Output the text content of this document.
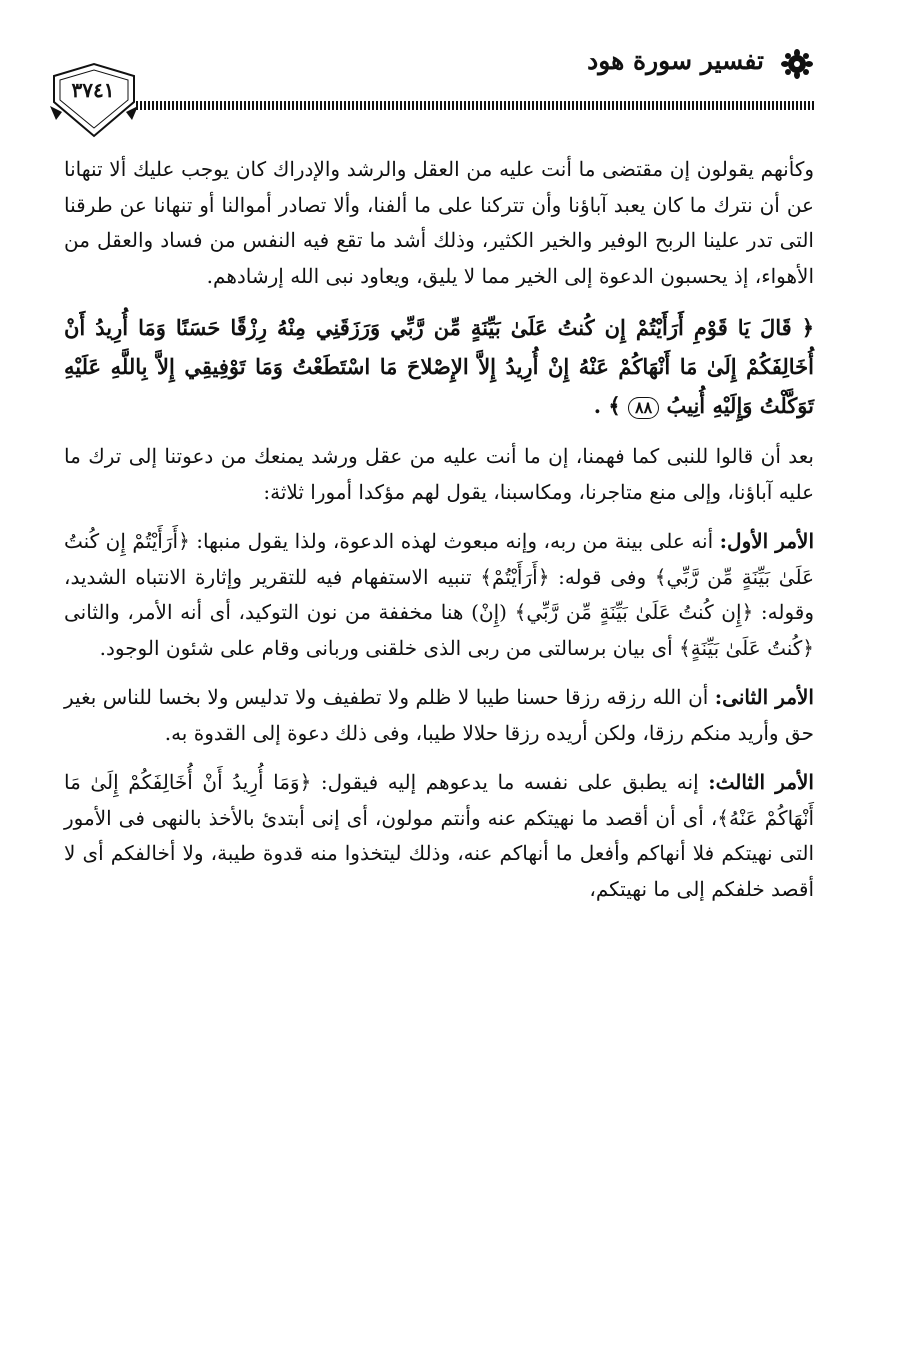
تفسير سورة هود
٣٧٤١

وكأنهم يقولون إن مقتضى ما أنت عليه من العقل والرشد والإدراك كان يوجب عليك ألا تنهانا عن أن نترك ما كان يعبد آباؤنا وأن تتركنا على ما ألفنا، وألا تصادر أموالنا أو تنهانا عن طرقنا التى تدر علينا الربح الوفير والخير الكثير، وذلك أشد ما تقع فيه النفس من فساد والعقل من الأهواء، إذ يحسبون الدعوة إلى الخير مما لا يليق، ويعاود نبى الله إرشادهم.

﴿ قَالَ يَا قَوْمِ أَرَأَيْتُمْ إِن كُنتُ عَلَىٰ بَيِّنَةٍ مِّن رَّبِّي وَرَزَقَنِي مِنْهُ رِزْقًا حَسَنًا وَمَا أُرِيدُ أَنْ أُخَالِفَكُمْ إِلَىٰ مَا أَنْهَاكُمْ عَنْهُ إِنْ أُرِيدُ إِلاَّ الإِصْلاحَ مَا اسْتَطَعْتُ وَمَا تَوْفِيقِي إِلاَّ بِاللَّهِ عَلَيْهِ تَوَكَّلْتُ وَإِلَيْهِ أُنِيبُ ٨٨ ﴾ .

بعد أن قالوا للنبى كما فهمنا، إن ما أنت عليه من عقل ورشد يمنعك من دعوتنا إلى ترك ما عليه آباؤنا، وإلى منع متاجرنا، ومكاسبنا، يقول لهم مؤكدا أمورا ثلاثة:

الأمر الأول: أنه على بينة من ربه، وإنه مبعوث لهذه الدعوة، ولذا يقول منبها: ﴿أَرَأَيْتُمْ إِن كُنتُ عَلَىٰ بَيِّنَةٍ مِّن رَّبِّي﴾ وفى قوله: ﴿أَرَأَيْتُمْ﴾ تنبيه الاستفهام فيه للتقرير وإثارة الانتباه الشديد، وقوله: ﴿إِن كُنتُ عَلَىٰ بَيِّنَةٍ مِّن رَّبِّي﴾ (إِنْ) هنا مخففة من نون التوكيد، أى أنه الأمر، والثانى ﴿كُنتُ عَلَىٰ بَيِّنَةٍ﴾ أى بيان برسالتى من ربى الذى خلقنى وربانى وقام على شئون الوجود.

الأمر الثانى: أن الله رزقه رزقا حسنا طيبا لا ظلم ولا تطفيف ولا تدليس ولا بخسا للناس بغير حق وأريد منكم رزقا، ولكن أريده رزقا حلالا طيبا، وفى ذلك دعوة إلى القدوة به.

الأمر الثالث: إنه يطبق على نفسه ما يدعوهم إليه فيقول: ﴿وَمَا أُرِيدُ أَنْ أُخَالِفَكُمْ إِلَىٰ مَا أَنْهَاكُمْ عَنْهُ﴾، أى أن أقصد ما نهيتكم عنه وأنتم مولون، أى إنى أبتدئ بالأخذ بالنهى فى الأمور التى نهيتكم فلا أنهاكم وأفعل ما أنهاكم عنه، وذلك ليتخذوا منه قدوة طيبة، ولا أخالفكم أى لا أقصد خلفكم إلى ما نهيتكم،
